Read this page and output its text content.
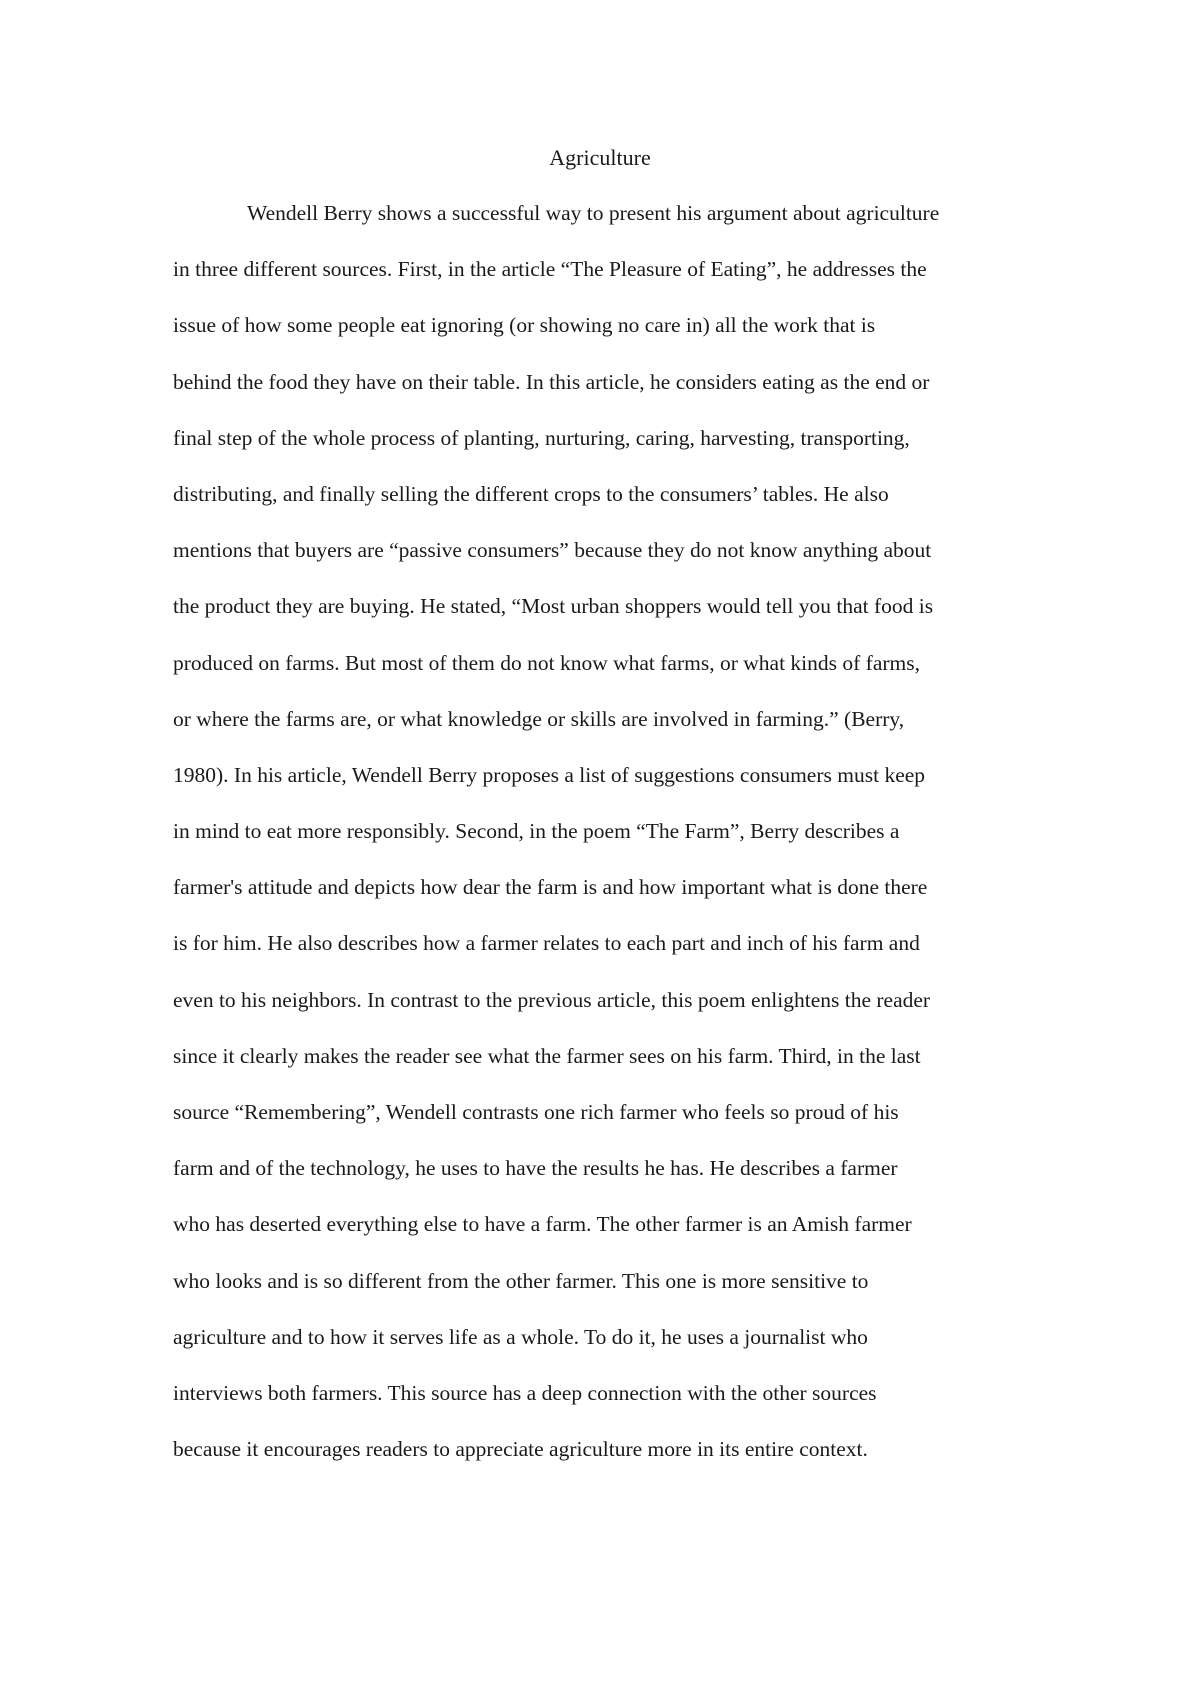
Agriculture
Wendell Berry shows a successful way to present his argument about agriculture
in three different sources. First, in the article “The Pleasure of Eating”, he addresses the
issue of how some people eat ignoring (or showing no care in) all the work that is
behind the food they have on their table. In this article, he considers eating as the end or
final step of the whole process of planting, nurturing, caring, harvesting, transporting,
distributing, and finally selling the different crops to the consumers’ tables. He also
mentions that buyers are “passive consumers” because they do not know anything about
the product they are buying. He stated, “Most urban shoppers would tell you that food is
produced on farms. But most of them do not know what farms, or what kinds of farms,
or where the farms are, or what knowledge or skills are involved in farming.” (Berry,
1980). In his article, Wendell Berry proposes a list of suggestions consumers must keep
in mind to eat more responsibly. Second, in the poem “The Farm”, Berry describes a
farmer's attitude and depicts how dear the farm is and how important what is done there
is for him. He also describes how a farmer relates to each part and inch of his farm and
even to his neighbors. In contrast to the previous article, this poem enlightens the reader
since it clearly makes the reader see what the farmer sees on his farm. Third, in the last
source “Remembering”, Wendell contrasts one rich farmer who feels so proud of his
farm and of the technology, he uses to have the results he has. He describes a farmer
who has deserted everything else to have a farm. The other farmer is an Amish farmer
who looks and is so different from the other farmer. This one is more sensitive to
agriculture and to how it serves life as a whole. To do it, he uses a journalist who
interviews both farmers. This source has a deep connection with the other sources
because it encourages readers to appreciate agriculture more in its entire context.
